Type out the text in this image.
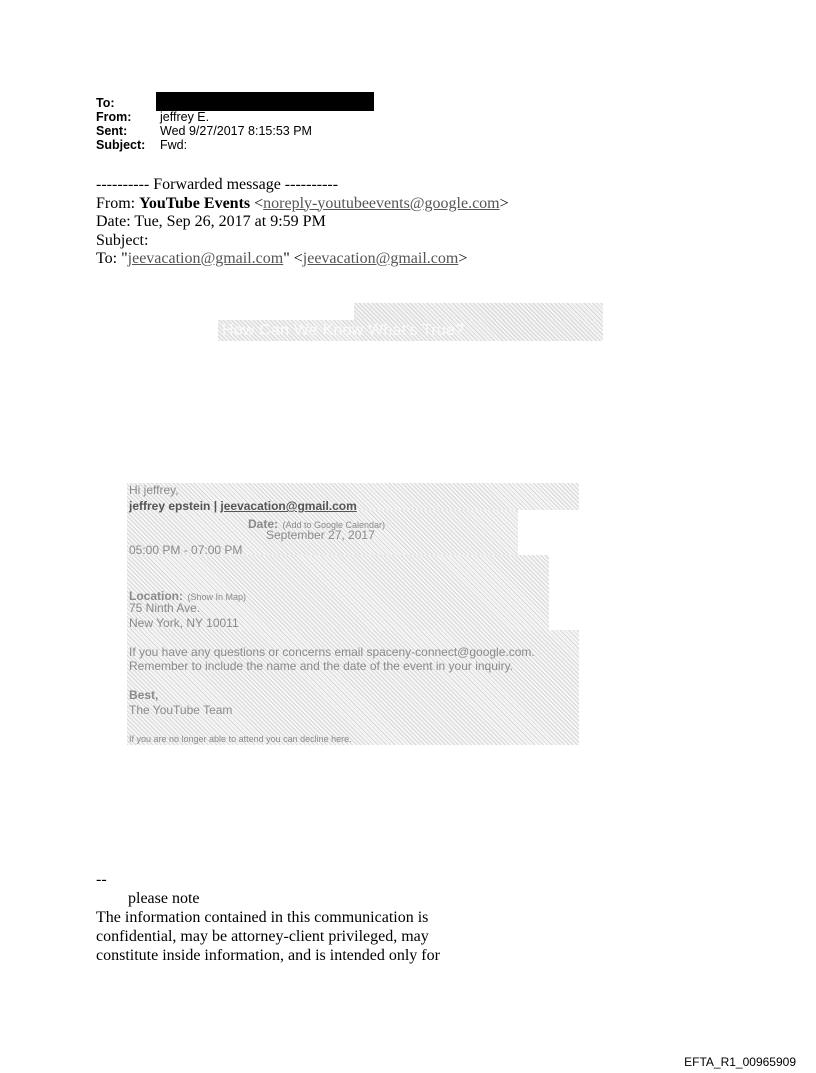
To:
From:	jeffrey E.
Sent:	Wed 9/27/2017 8:15:53 PM
Subject:	Fwd:
---------- Forwarded message ----------
From: YouTube Events <noreply-youtubeevents@google.com>
Date: Tue, Sep 26, 2017 at 9:59 PM
Subject:
To: "jeevacation@gmail.com" <jeevacation@gmail.com>
How Can We Know What's True?
Hi jeffrey,
jeffrey epstein | jeevacation@gmail.com
Date: (Add to Google Calendar)
September 27, 2017
05:00 PM - 07:00 PM
Location: (Show In Map)
75 Ninth Ave.
New York, NY 10011
If you have any questions or concerns email spaceny-connect@google.com.
Remember to include the name and the date of the event in your inquiry.
Best,
The YouTube Team
If you are no longer able to attend you can decline here.
--
please note
The information contained in this communication is
confidential, may be attorney-client privileged, may
constitute inside information, and is intended only for
EFTA_R1_00965909
